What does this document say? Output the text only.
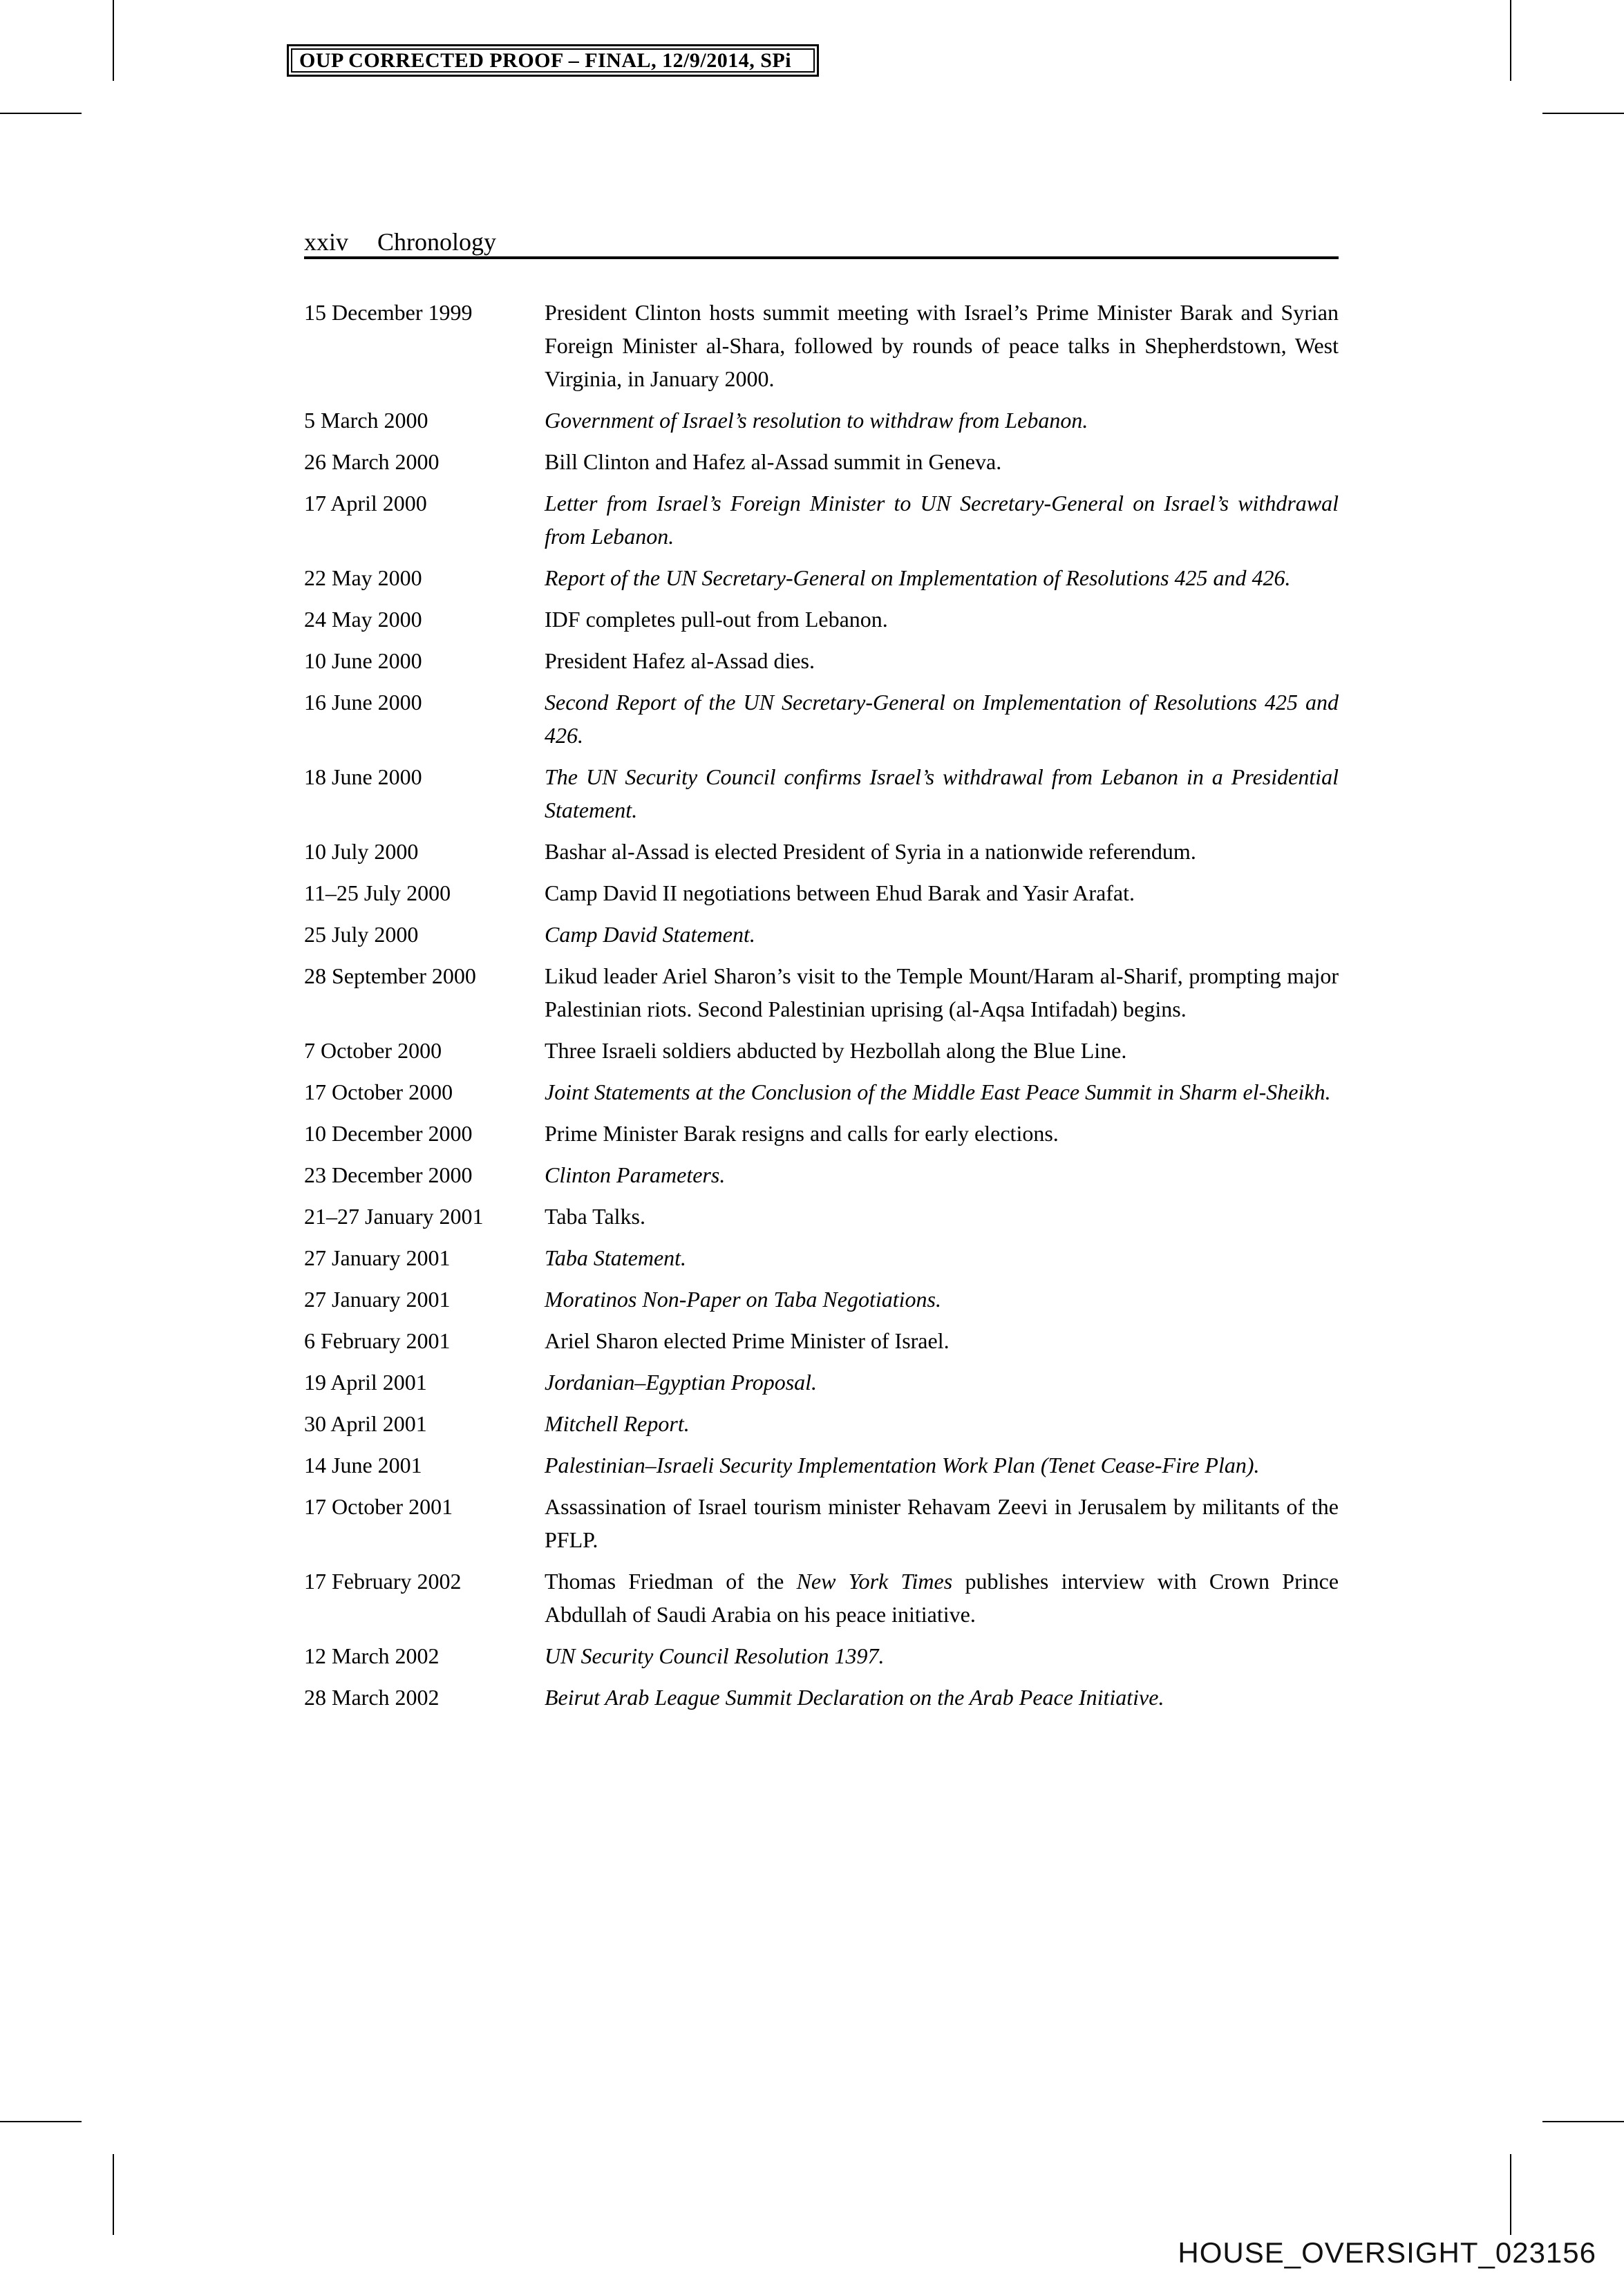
OUP CORRECTED PROOF – FINAL, 12/9/2014, SPi
xxiv Chronology
15 December 1999	President Clinton hosts summit meeting with Israel’s Prime Minister Barak and Syrian Foreign Minister al-Shara, followed by rounds of peace talks in Shepherdstown, West Virginia, in January 2000.
5 March 2000	Government of Israel’s resolution to withdraw from Lebanon.
26 March 2000	Bill Clinton and Hafez al-Assad summit in Geneva.
17 April 2000	Letter from Israel’s Foreign Minister to UN Secretary-General on Israel’s withdrawal from Lebanon.
22 May 2000	Report of the UN Secretary-General on Implementation of Resolutions 425 and 426.
24 May 2000	IDF completes pull-out from Lebanon.
10 June 2000	President Hafez al-Assad dies.
16 June 2000	Second Report of the UN Secretary-General on Implementation of Resolutions 425 and 426.
18 June 2000	The UN Security Council confirms Israel’s withdrawal from Lebanon in a Presidential Statement.
10 July 2000	Bashar al-Assad is elected President of Syria in a nationwide referendum.
11–25 July 2000	Camp David II negotiations between Ehud Barak and Yasir Arafat.
25 July 2000	Camp David Statement.
28 September 2000	Likud leader Ariel Sharon’s visit to the Temple Mount/Haram al-Sharif, prompting major Palestinian riots. Second Palestinian uprising (al-Aqsa Intifadah) begins.
7 October 2000	Three Israeli soldiers abducted by Hezbollah along the Blue Line.
17 October 2000	Joint Statements at the Conclusion of the Middle East Peace Summit in Sharm el-Sheikh.
10 December 2000	Prime Minister Barak resigns and calls for early elections.
23 December 2000	Clinton Parameters.
21–27 January 2001	Taba Talks.
27 January 2001	Taba Statement.
27 January 2001	Moratinos Non-Paper on Taba Negotiations.
6 February 2001	Ariel Sharon elected Prime Minister of Israel.
19 April 2001	Jordanian–Egyptian Proposal.
30 April 2001	Mitchell Report.
14 June 2001	Palestinian–Israeli Security Implementation Work Plan (Tenet Cease-Fire Plan).
17 October 2001	Assassination of Israel tourism minister Rehavam Zeevi in Jerusalem by militants of the PFLP.
17 February 2002	Thomas Friedman of the New York Times publishes interview with Crown Prince Abdullah of Saudi Arabia on his peace initiative.
12 March 2002	UN Security Council Resolution 1397.
28 March 2002	Beirut Arab League Summit Declaration on the Arab Peace Initiative.
HOUSE_OVERSIGHT_023156
